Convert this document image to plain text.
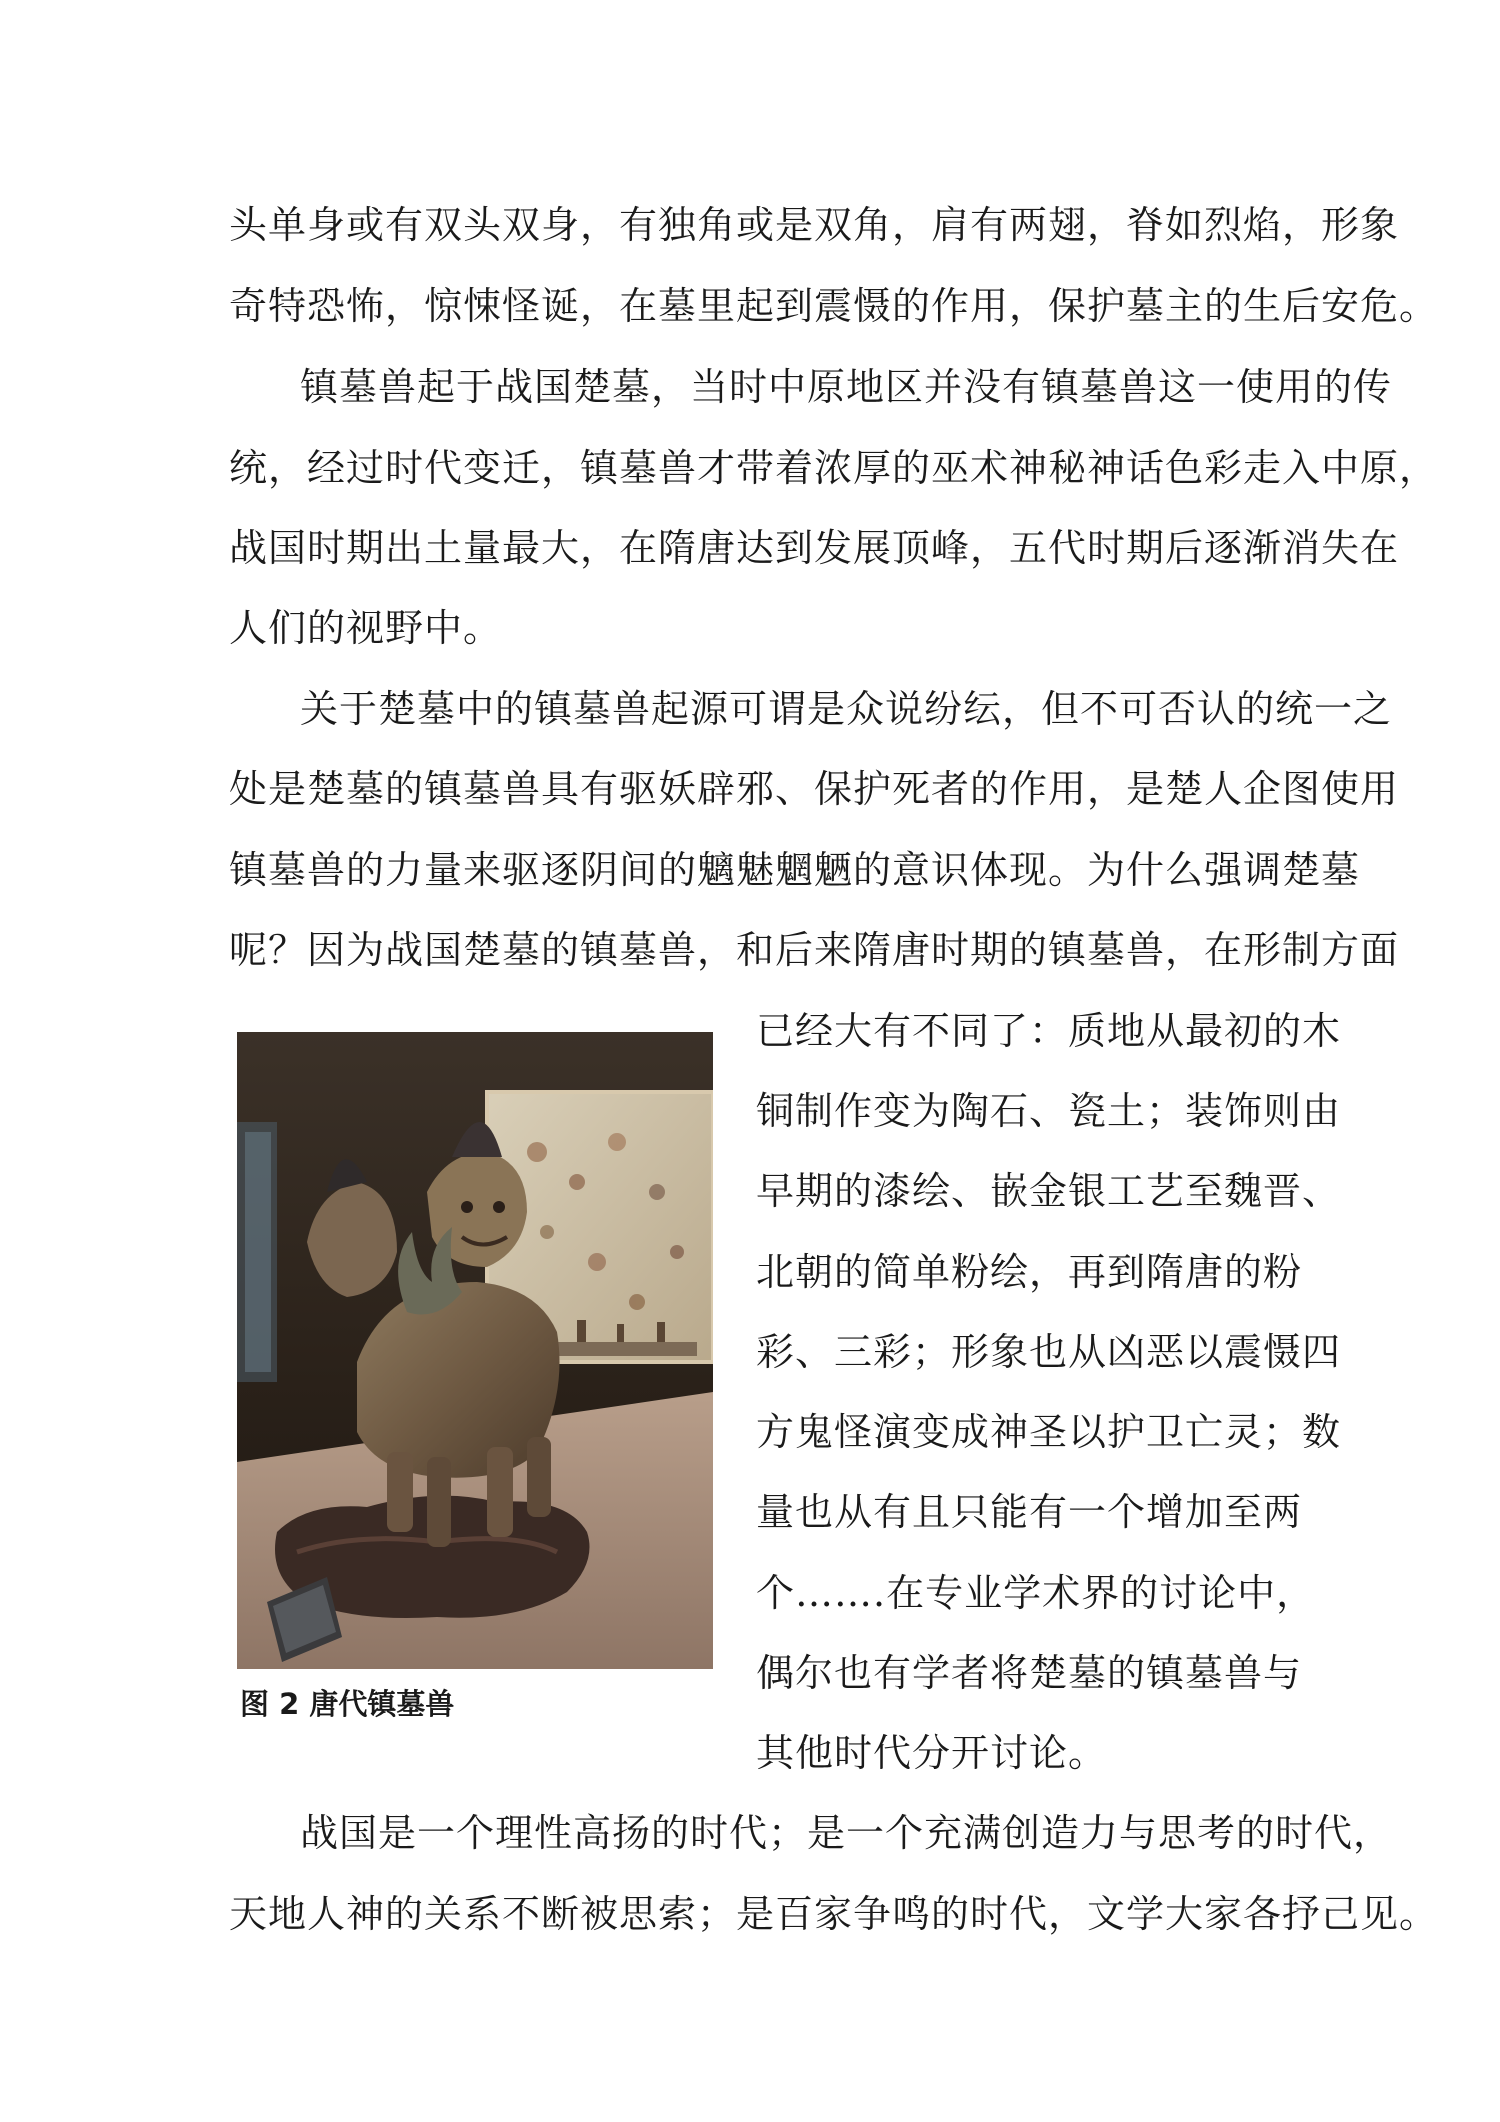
头单身或有双头双身，有独角或是双角，肩有两翅，脊如烈焰，形象
奇特恐怖，惊悚怪诞，在墓里起到震慑的作用，保护墓主的生后安危。
镇墓兽起于战国楚墓，当时中原地区并没有镇墓兽这一使用的传
统，经过时代变迁，镇墓兽才带着浓厚的巫术神秘神话色彩走入中原，
战国时期出土量最大，在隋唐达到发展顶峰，五代时期后逐渐消失在
人们的视野中。
关于楚墓中的镇墓兽起源可谓是众说纷纭，但不可否认的统一之
处是楚墓的镇墓兽具有驱妖辟邪、保护死者的作用，是楚人企图使用
镇墓兽的力量来驱逐阴间的魑魅魍魉的意识体现。为什么强调楚墓
呢？因为战国楚墓的镇墓兽，和后来隋唐时期的镇墓兽，在形制方面
已经大有不同了：质地从最初的木
铜制作变为陶石、瓷土；装饰则由
早期的漆绘、嵌金银工艺至魏晋、
北朝的简单粉绘，再到隋唐的粉
彩、三彩；形象也从凶恶以震慑四
方鬼怪演变成神圣以护卫亡灵；数
量也从有且只能有一个增加至两
个…….在专业学术界的讨论中，
偶尔也有学者将楚墓的镇墓兽与
其他时代分开讨论。
图 2 唐代镇墓兽
战国是一个理性高扬的时代；是一个充满创造力与思考的时代，
天地人神的关系不断被思索；是百家争鸣的时代，文学大家各抒己见。
